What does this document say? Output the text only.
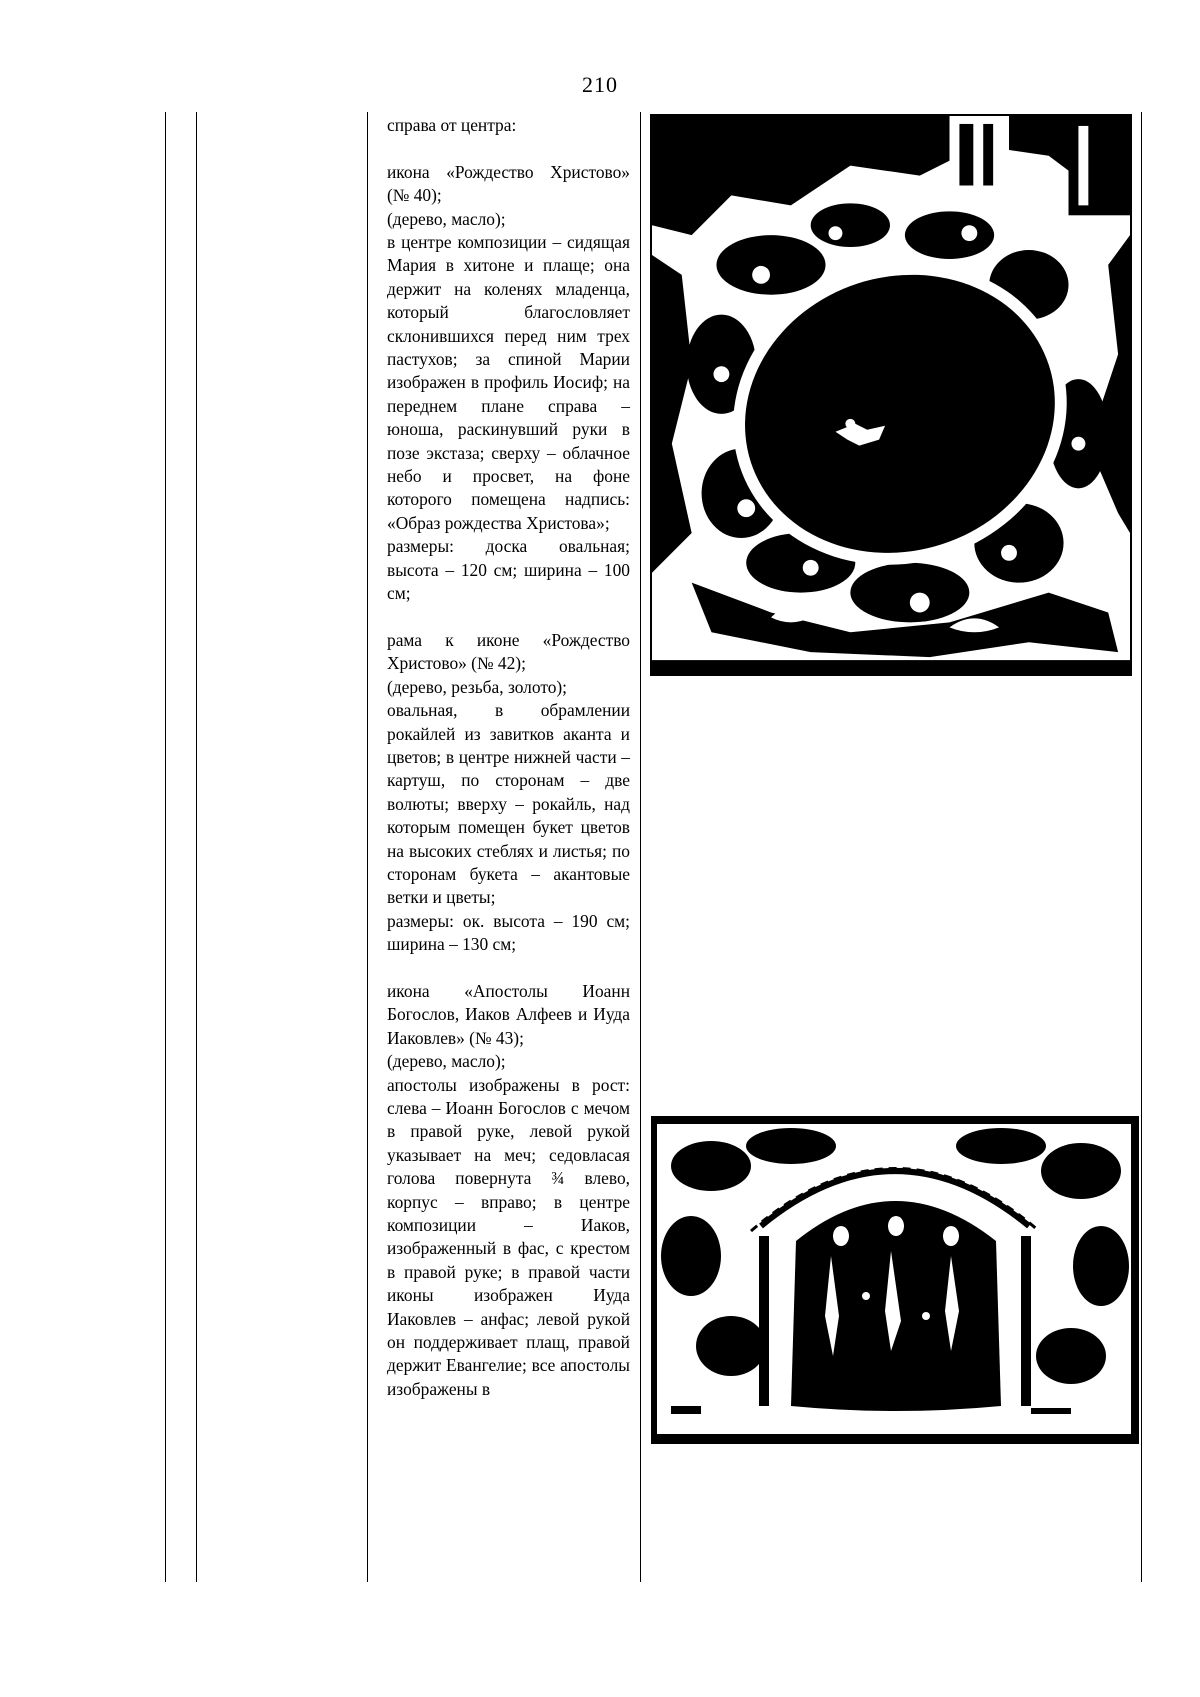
210

справа от центра:

икона «Рождество Христово» (№ 40);

(дерево, масло);

в центре композиции – сидящая Мария в хитоне и плаще; она держит на коленях младенца, который благословляет склонившихся перед ним трех пастухов; за спиной Марии изображен в профиль Иосиф; на переднем плане справа – юноша, раскинувший руки в позе экстаза; сверху – облачное небо и просвет, на фоне которого помещена надпись: «Образ рождества Христова»;

размеры: доска овальная; высота – 120 см; ширина – 100 см;

рама к иконе «Рождество Христово» (№ 42);

(дерево, резьба, золото);

овальная, в обрамлении рокайлей из завитков аканта и цветов; в центре нижней части – картуш, по сторонам – две волюты; вверху – рокайль, над которым помещен букет цветов на высоких стеблях и листья; по сторонам букета – акантовые ветки и цветы;

размеры: ок. высота – 190 см; ширина – 130 см;

икона «Апостолы Иоанн Богослов, Иаков Алфеев и Иуда Иаковлев» (№ 43);

(дерево, масло);

апостолы изображены в рост: слева – Иоанн Богослов с мечом в правой руке, левой рукой указывает на меч; седовласая голова повернута ¾ влево, корпус – вправо; в центре композиции – Иаков, изображенный в фас, с крестом в правой руке; в правой части иконы изображен Иуда Иаковлев – анфас; левой рукой он поддерживает плащ, правой держит Евангелие; все апостолы изображены в
